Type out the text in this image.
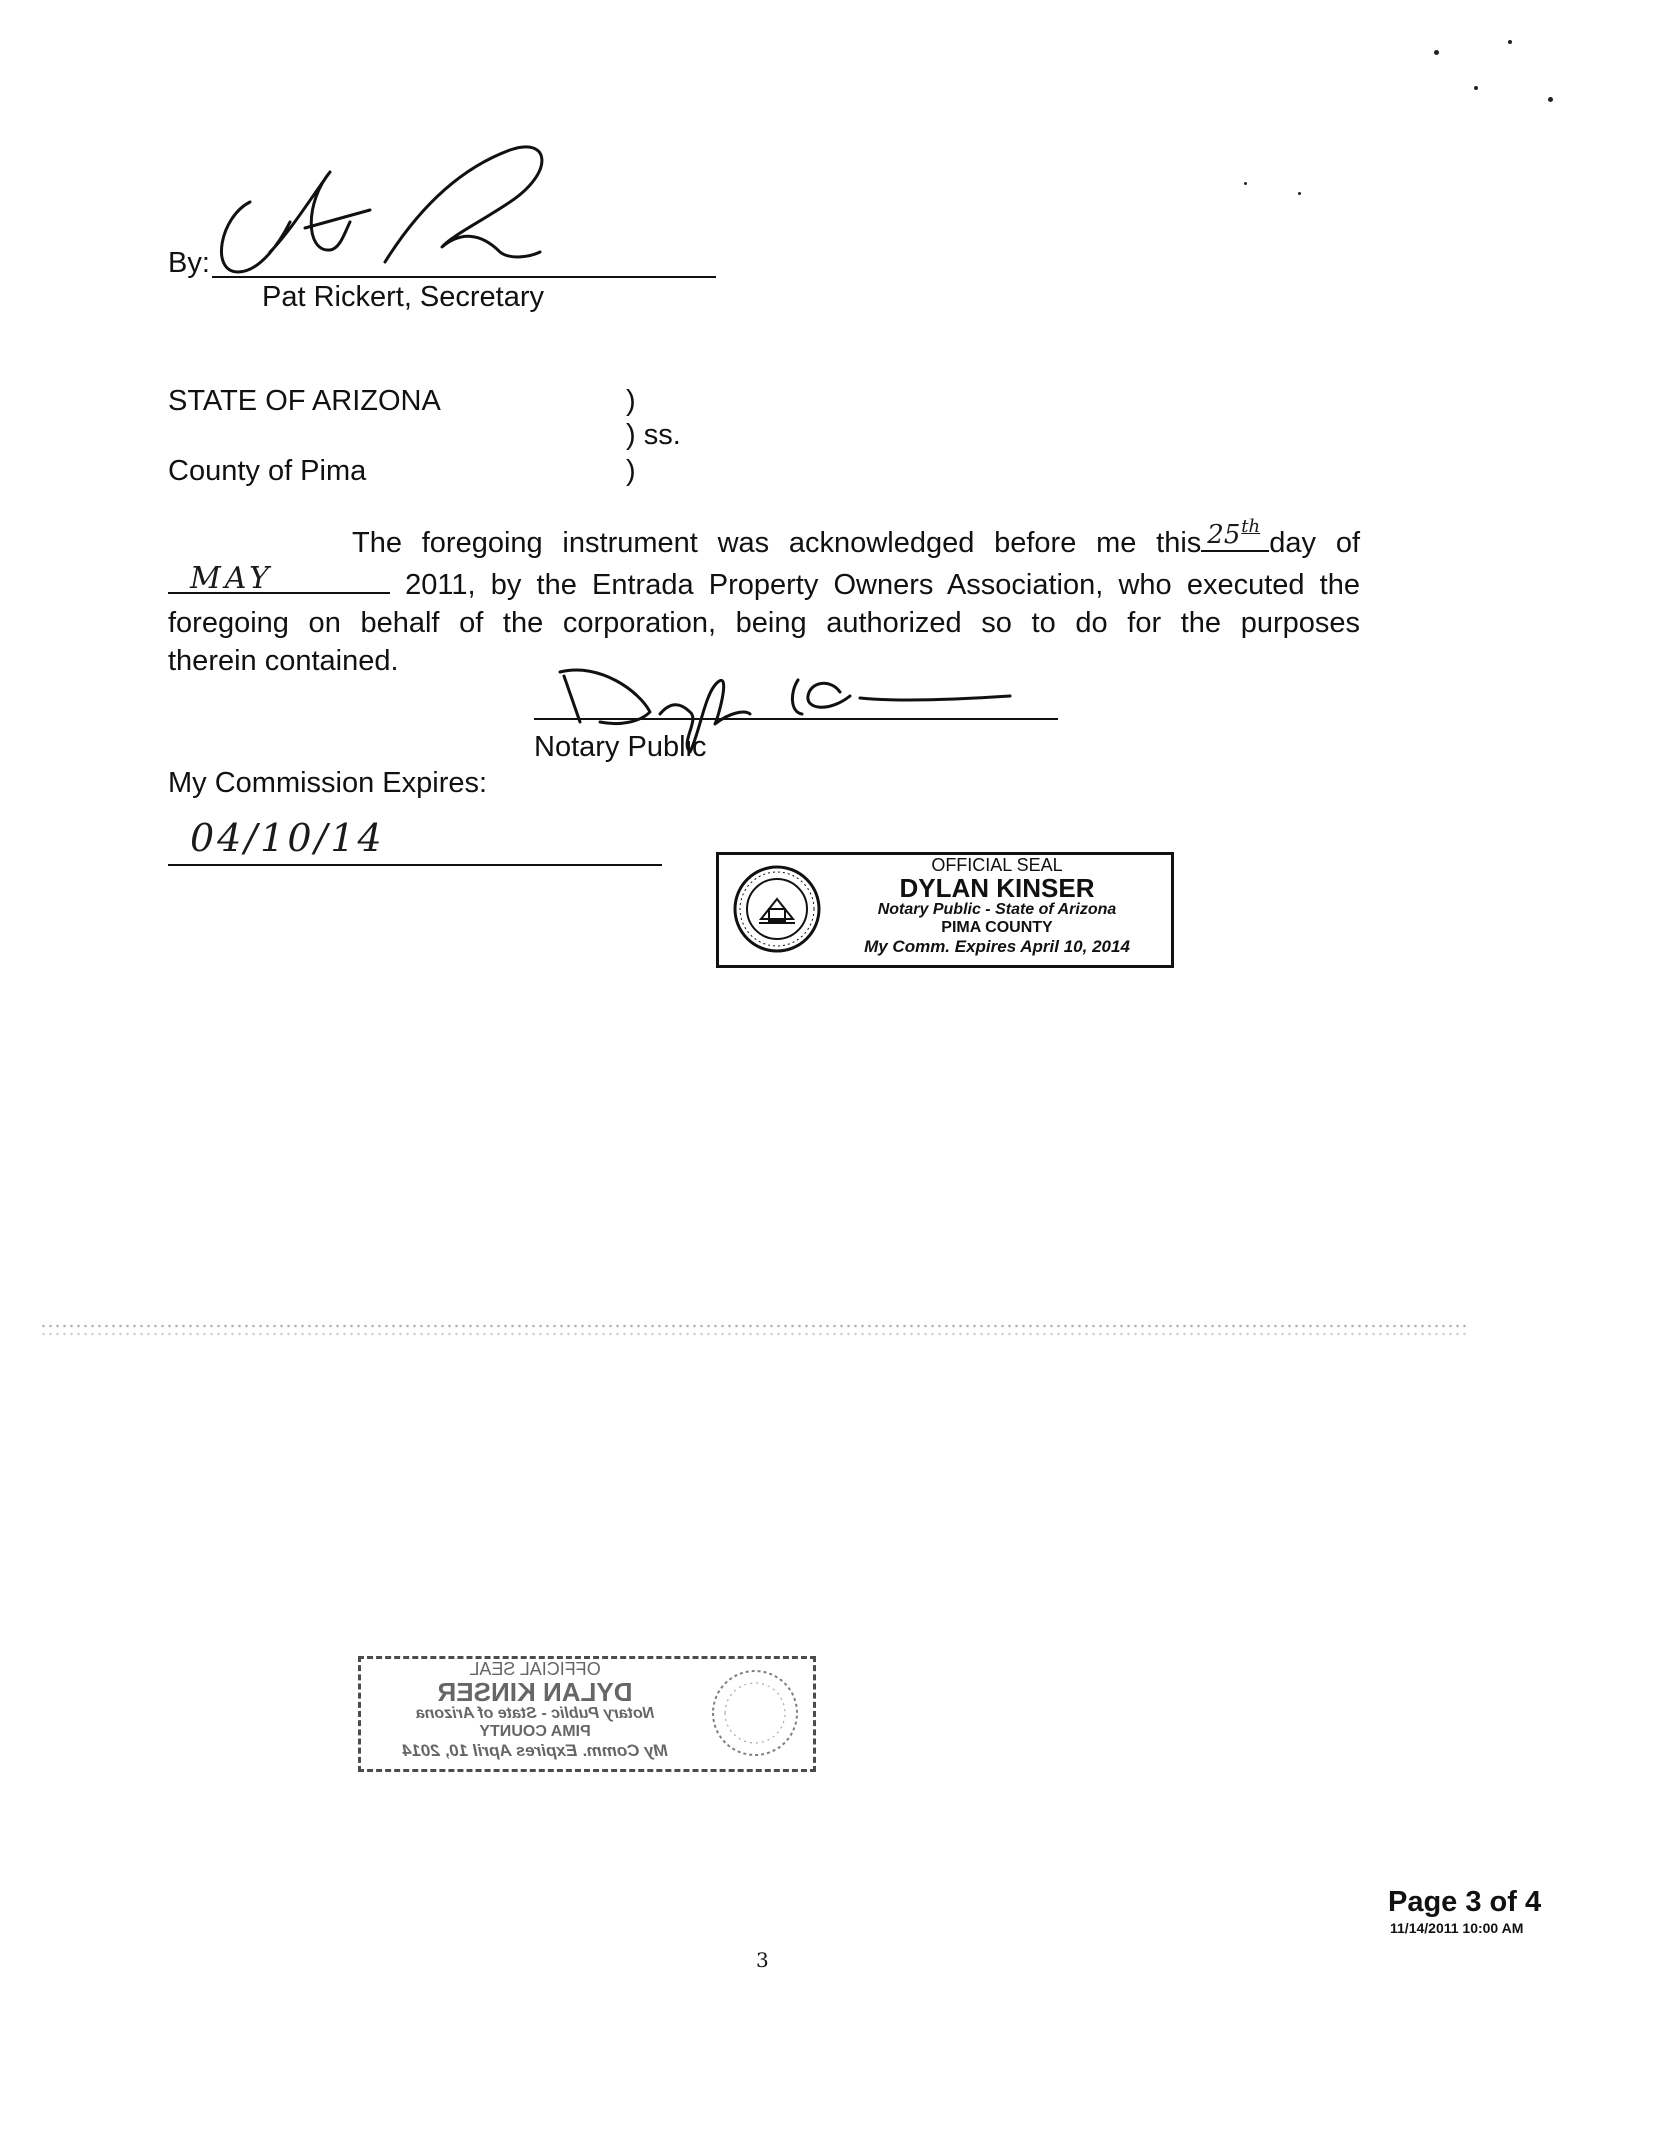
By:
Pat Rickert, Secretary
STATE OF ARIZONA	)
) ss.
County of Pima	)
The foregoing instrument was acknowledged before me this 25 th
day of
MAY	2011, by the Entrada Property Owners Association, who executed the
foregoing on behalf of the corporation, being authorized so to do for the purposes
therein contained.
Notary Public
My Commission Expires:
04/10/14
OFFICIAL SEAL
DYLAN KINSER
Notary Public - State of Arizona
PIMA COUNTY
My Comm. Expires April 10, 2014
OFFICIAL SEAL
DYLAN KINSER
Notary Public - State of Arizona
PIMA COUNTY
My Comm. Expires April 10, 2014
Page 3 of 4
11/14/2011 10:00 AM
3
